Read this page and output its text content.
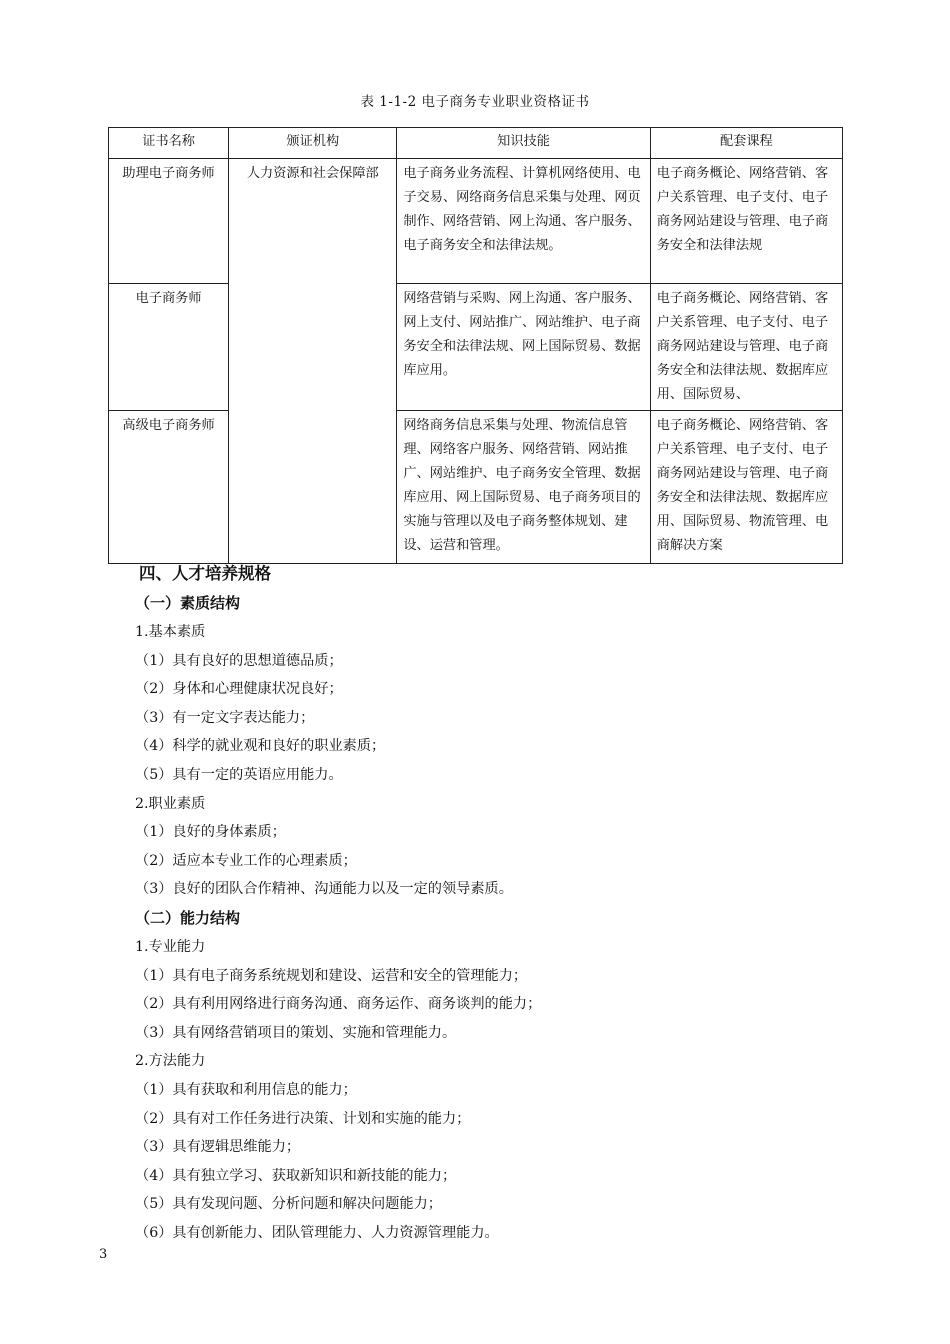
表 1-1-2 电子商务专业职业资格证书
证书名称	颁证机构	知识技能	配套课程
助理电子商务师	人力资源和社会保障部	电子商务业务流程、计算机网络使用、电子交易、网络商务信息采集与处理、网页制作、网络营销、网上沟通、客户服务、电子商务安全和法律法规。	电子商务概论、网络营销、客户关系管理、电子支付、电子商务网站建设与管理、电子商务安全和法律法规
电子商务师		网络营销与采购、网上沟通、客户服务、网上支付、网站推广、网站维护、电子商务安全和法律法规、网上国际贸易、数据库应用。	电子商务概论、网络营销、客户关系管理、电子支付、电子商务网站建设与管理、电子商务安全和法律法规、数据库应用、国际贸易、
高级电子商务师		网络商务信息采集与处理、物流信息管理、网络客户服务、网络营销、网站推广、网站维护、电子商务安全管理、数据库应用、网上国际贸易、电子商务项目的实施与管理以及电子商务整体规划、建设、运营和管理。	电子商务概论、网络营销、客户关系管理、电子支付、电子商务网站建设与管理、电子商务安全和法律法规、数据库应用、国际贸易、物流管理、电商解决方案
四、人才培养规格
（一）素质结构
1.基本素质
（1）具有良好的思想道德品质；
（2）身体和心理健康状况良好；
（3）有一定文字表达能力；
（4）科学的就业观和良好的职业素质；
（5）具有一定的英语应用能力。
2.职业素质
（1）良好的身体素质；
（2）适应本专业工作的心理素质；
（3）良好的团队合作精神、沟通能力以及一定的领导素质。
（二）能力结构
1.专业能力
（1）具有电子商务系统规划和建设、运营和安全的管理能力；
（2）具有利用网络进行商务沟通、商务运作、商务谈判的能力；
（3）具有网络营销项目的策划、实施和管理能力。
2.方法能力
（1）具有获取和利用信息的能力；
（2）具有对工作任务进行决策、计划和实施的能力；
（3）具有逻辑思维能力；
（4）具有独立学习、获取新知识和新技能的能力；
（5）具有发现问题、分析问题和解决问题能力；
（6）具有创新能力、团队管理能力、人力资源管理能力。
3
